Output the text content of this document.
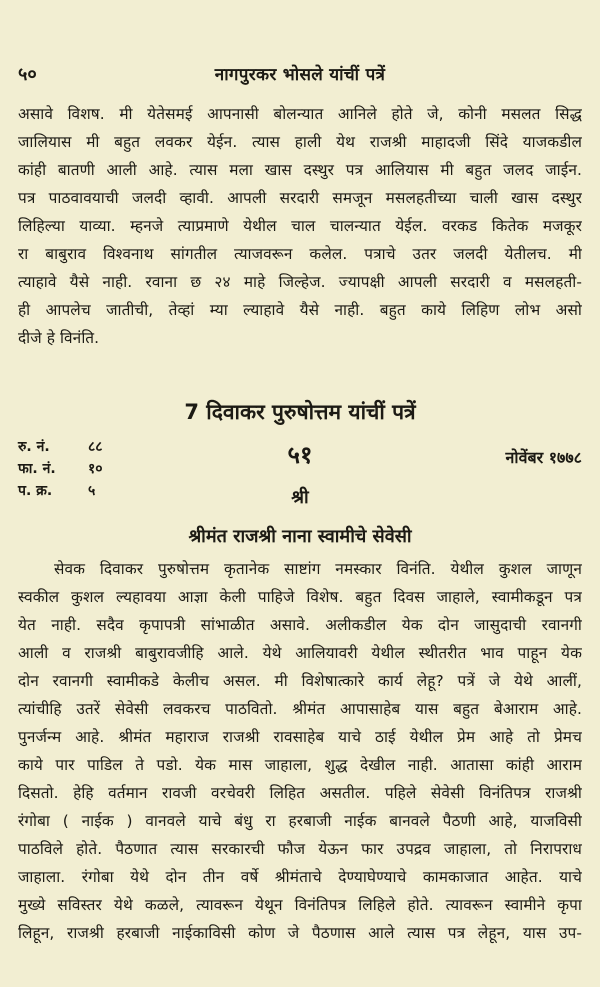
५०	नागपुरकर भोसले यांचीं पत्रें
असावे विशष. मी येतेसमई आपनासी बोलन्यात आनिले होते जे, कोनी मसलत सिद्ध
जालियास मी बहुत लवकर येईन. त्यास हाली येथ राजश्री माहादजी सिंदे याजकडील
कांही बातणी आली आहे. त्यास मला खास दस्थुर पत्र आलियास मी बहुत जलद जाईन.
पत्र पाठवावयाची जलदी व्हावी. आपली सरदारी समजून मसलहतीच्या चाली खास दस्थुर
लिहिल्या याव्या. म्हनजे त्याप्रमाणे येथील चाल चालन्यात येईल. वरकड कितेक मजकूर
रा बाबुराव विश्वनाथ सांगतील त्याजवरून कलेल. पत्राचे उतर जलदी येतीलच. मी
त्याहावे यैसे नाही. रवाना छ २४ माहे जिल्हेज. ज्यापक्षी आपली सरदारी व मसलहती-
ही आपलेच जातीची, तेव्हां म्या ल्याहावे यैसे नाही. बहुत काये लिहिण लोभ असो
दीजे हे विनंति.
7 दिवाकर पुरुषोत्तम यांचीं पत्रें
रु. नं.	८८
फा. नं. १०
प. क्र.	५
५१	नोवेंबर १७७८
श्री
श्रीमंत राजश्री नाना स्वामीचे सेवेसी
सेवक दिवाकर पुरुषोत्तम कृतानेक साष्टांग नमस्कार विनंति. येथील कुशल जाणून
स्वकील कुशल ल्यहावया आज्ञा केली पाहिजे विशेष. बहुत दिवस जाहाले, स्वामीकडून पत्र
येत नाही. सदैव कृपापत्री सांभाळीत असावे. अलीकडील येक दोन जासुदाची रवानगी
आली व राजश्री बाबुरावजीहि आले. येथे आलियावरी येथील स्थीतरीत भाव पाहून येक
दोन रवानगी स्वामीकडे केलीच असल. मी विशेषात्कारे कार्य लेहू? पत्रें जे येथे आलीं,
त्यांचीहि उतरें सेवेसी लवकरच पाठवितो. श्रीमंत आपासाहेब यास बहुत बेआराम आहे.
पुनर्जन्म आहे. श्रीमंत महाराज राजश्री रावसाहेब याचे ठाई येथील प्रेम आहे तो प्रेमच
काये पार पाडिल ते पडो. येक मास जाहाला, शुद्ध देखील नाही. आतासा कांही आराम
दिसतो. हेहि वर्तमान रावजी वरचेवरी लिहित असतील. पहिले सेवेसी विनंतिपत्र राजश्री
रंगोबा ( नाईक ) वानवले याचे बंधु रा हरबाजी नाईक बानवले पैठणी आहे, याजविसी
पाठविले होते. पैठणात त्यास सरकारची फौज येऊन फार उपद्रव जाहाला, तो निरापराध
जाहाला. रंगोबा येथे दोन तीन वर्षे श्रीमंताचे देण्याघेण्याचे कामकाजात आहेत. याचे
मुख्ये सविस्तर येथे कळले, त्यावरून येथून विनंतिपत्र लिहिले होते. त्यावरून स्वामीने कृपा
लिहून, राजश्री हरबाजी नाईकाविसी कोण जे पैठणास आले त्यास पत्र लेहून, यास उप-
